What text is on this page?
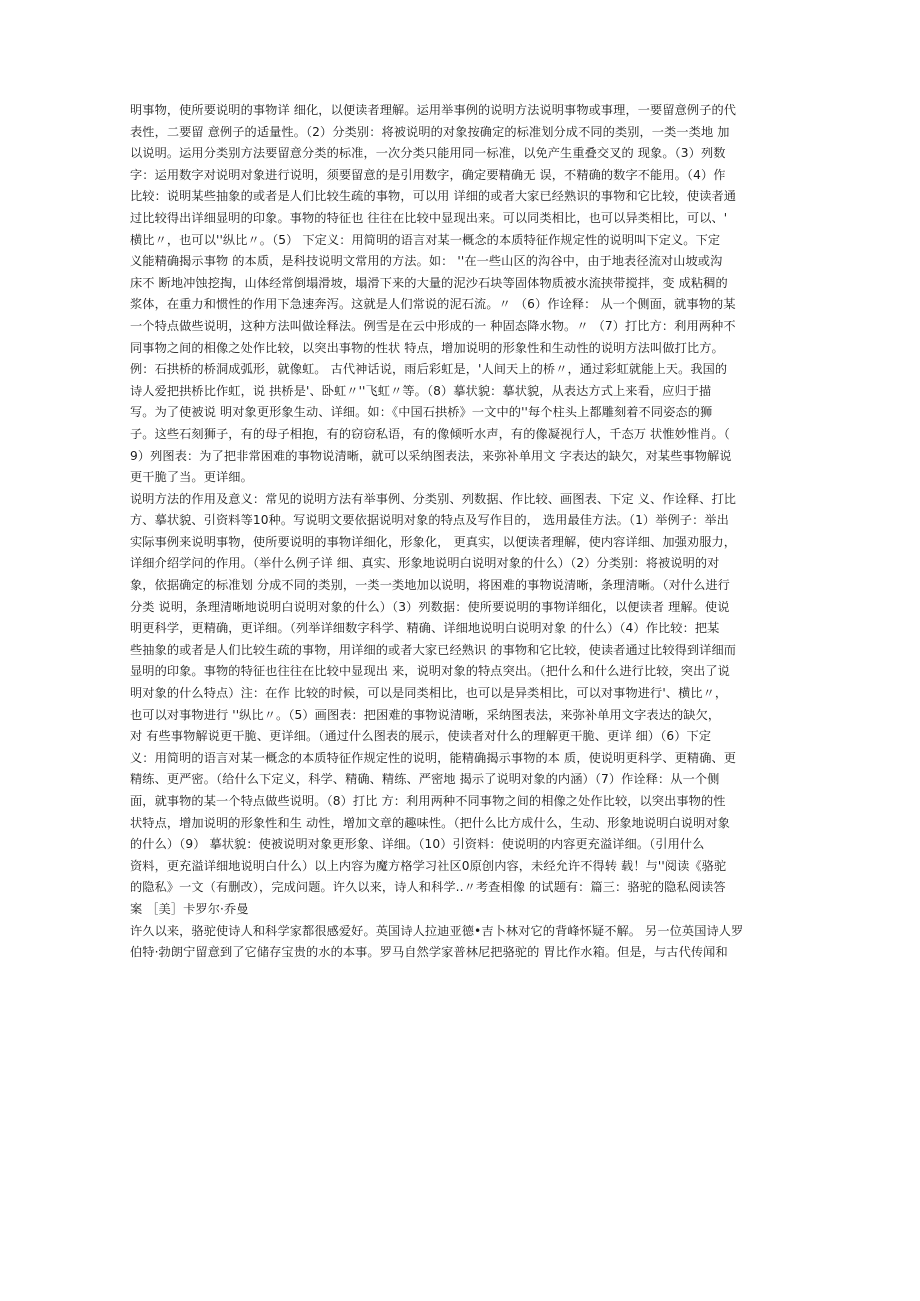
明事物，使所要说明的事物详 细化，以便读者理解。运用举事例的说明方法说明事物或事理，一要留意例子的代
表性，二要留 意例子的适量性。（2）分类别：将被说明的对象按确定的标准划分成不同的类别，一类一类地 加
以说明。运用分类别方法要留意分类的标准，一次分类只能用同一标准，以免产生重叠交叉的 现象。（3）列数
字：运用数字对说明对象进行说明，须要留意的是引用数字，确定要精确无 误，不精确的数字不能用。（4）作
比较：说明某些抽象的或者是人们比较生疏的事物，可以用 详细的或者大家已经熟识的事物和它比较，使读者通
过比较得出详细显明的印象。事物的特征也 往往在比较中显现出来。可以同类相比，也可以异类相比，可以、'
横比〃，也可以''纵比〃。（5） 下定义：用简明的语言对某一概念的本质特征作规定性的说明叫下定义。下定
义能精确揭示事物 的本质，是科技说明文常用的方法。如： ''在一些山区的沟谷中，由于地表径流对山坡或沟
床不 断地冲蚀挖掏，山体经常倒塌滑坡，塌滑下来的大量的泥沙石块等固体物质被水流挟带搅拌，变 成粘稠的
浆体，在重力和惯性的作用下急速奔泻。这就是人们常说的泥石流。〃 （6）作诠释： 从一个侧面，就事物的某
一个特点做些说明，这种方法叫做诠释法。例雪是在云中形成的一 种固态降水物。〃 （7）打比方：利用两种不
同事物之间的相像之处作比较，以突出事物的性状 特点，增加说明的形象性和生动性的说明方法叫做打比方。
例：石拱桥的桥洞成弧形，就像虹。 古代神话说，雨后彩虹是，'人间天上的桥〃，通过彩虹就能上天。我国的
诗人爱把拱桥比作虹，说 拱桥是'、卧虹〃''飞虹〃等。（8）摹状貌：摹状貌，从表达方式上来看，应归于描
写。为了使被说 明对象更形象生动、详细。如：《中国石拱桥》一文中的''每个柱头上都雕刻着不同姿态的狮
子。这些石刻狮子，有的母子相抱，有的窃窃私语，有的像倾听水声，有的像凝视行人，千态万 状惟妙惟肖。（
9）列图表：为了把非常困难的事物说清晰，就可以采纳图表法，来弥补单用文 字表达的缺欠，对某些事物解说
更干脆了当。更详细。
说明方法的作用及意义：常见的说明方法有举事例、分类别、列数据、作比较、画图表、下定 义、作诠释、打比
方、摹状貌、引资料等10种。写说明文要依据说明对象的特点及写作目的， 选用最佳方法。（1）举例子：举出
实际事例来说明事物，使所要说明的事物详细化，形象化， 更真实，以便读者理解，使内容详细、加强劝服力，
详细介绍学问的作用。（举什么例子详 细、真实、形象地说明白说明对象的什么）（2）分类别：将被说明的对
象，依据确定的标准划 分成不同的类别，一类一类地加以说明，将困难的事物说清晰，条理清晰。（对什么进行
分类 说明，条理清晰地说明白说明对象的什么）（3）列数据：使所要说明的事物详细化，以便读者 理解。使说
明更科学，更精确，更详细。（列举详细数字科学、精确、详细地说明白说明对象 的什么）（4）作比较：把某
些抽象的或者是人们比较生疏的事物，用详细的或者大家已经熟识 的事物和它比较，使读者通过比较得到详细而
显明的印象。事物的特征也往往在比较中显现出 来，说明对象的特点突出。（把什么和什么进行比较，突出了说
明对象的什么特点）注：在作 比较的时候，可以是同类相比，也可以是异类相比，可以对事物进行'、横比〃，
也可以对事物进行 ''纵比〃。（5）画图表：把困难的事物说清晰，采纳图表法，来弥补单用文字表达的缺欠，
对 有些事物解说更干脆、更详细。（通过什么图表的展示，使读者对什么的理解更干脆、更详 细）（6）下定
义：用简明的语言对某一概念的本质特征作规定性的说明，能精确揭示事物的本 质，使说明更科学、更精确、更
精练、更严密。（给什么下定义，科学、精确、精练、严密地 揭示了说明对象的内涵）（7）作诠释：从一个侧
面，就事物的某一个特点做些说明。（8）打比 方：利用两种不同事物之间的相像之处作比较，以突出事物的性
状特点，增加说明的形象性和生 动性，增加文章的趣味性。（把什么比方成什么，生动、形象地说明白说明对象
的什么）（9） 摹状貌：使被说明对象更形象、详细。（10）引资料：使说明的内容更充溢详细。（引用什么
资料，更充溢详细地说明白什么）以上内容为魔方格学习社区0原创内容，未经允许不得转 载！与''阅读《骆驼
的隐私》一文（有删改），完成问题。许久以来，诗人和科学..〃考查相像 的试题有：篇三：骆驼的隐私阅读答
案 ［美］卡罗尔·乔曼
许久以来，骆驼使诗人和科学家都很感爱好。英国诗人拉迪亚德•吉卜林对它的背峰怀疑不解。 另一位英国诗人罗
伯特·勃朗宁留意到了它储存宝贵的水的本事。罗马自然学家普林尼把骆驼的 胃比作水箱。但是，与古代传闻和
